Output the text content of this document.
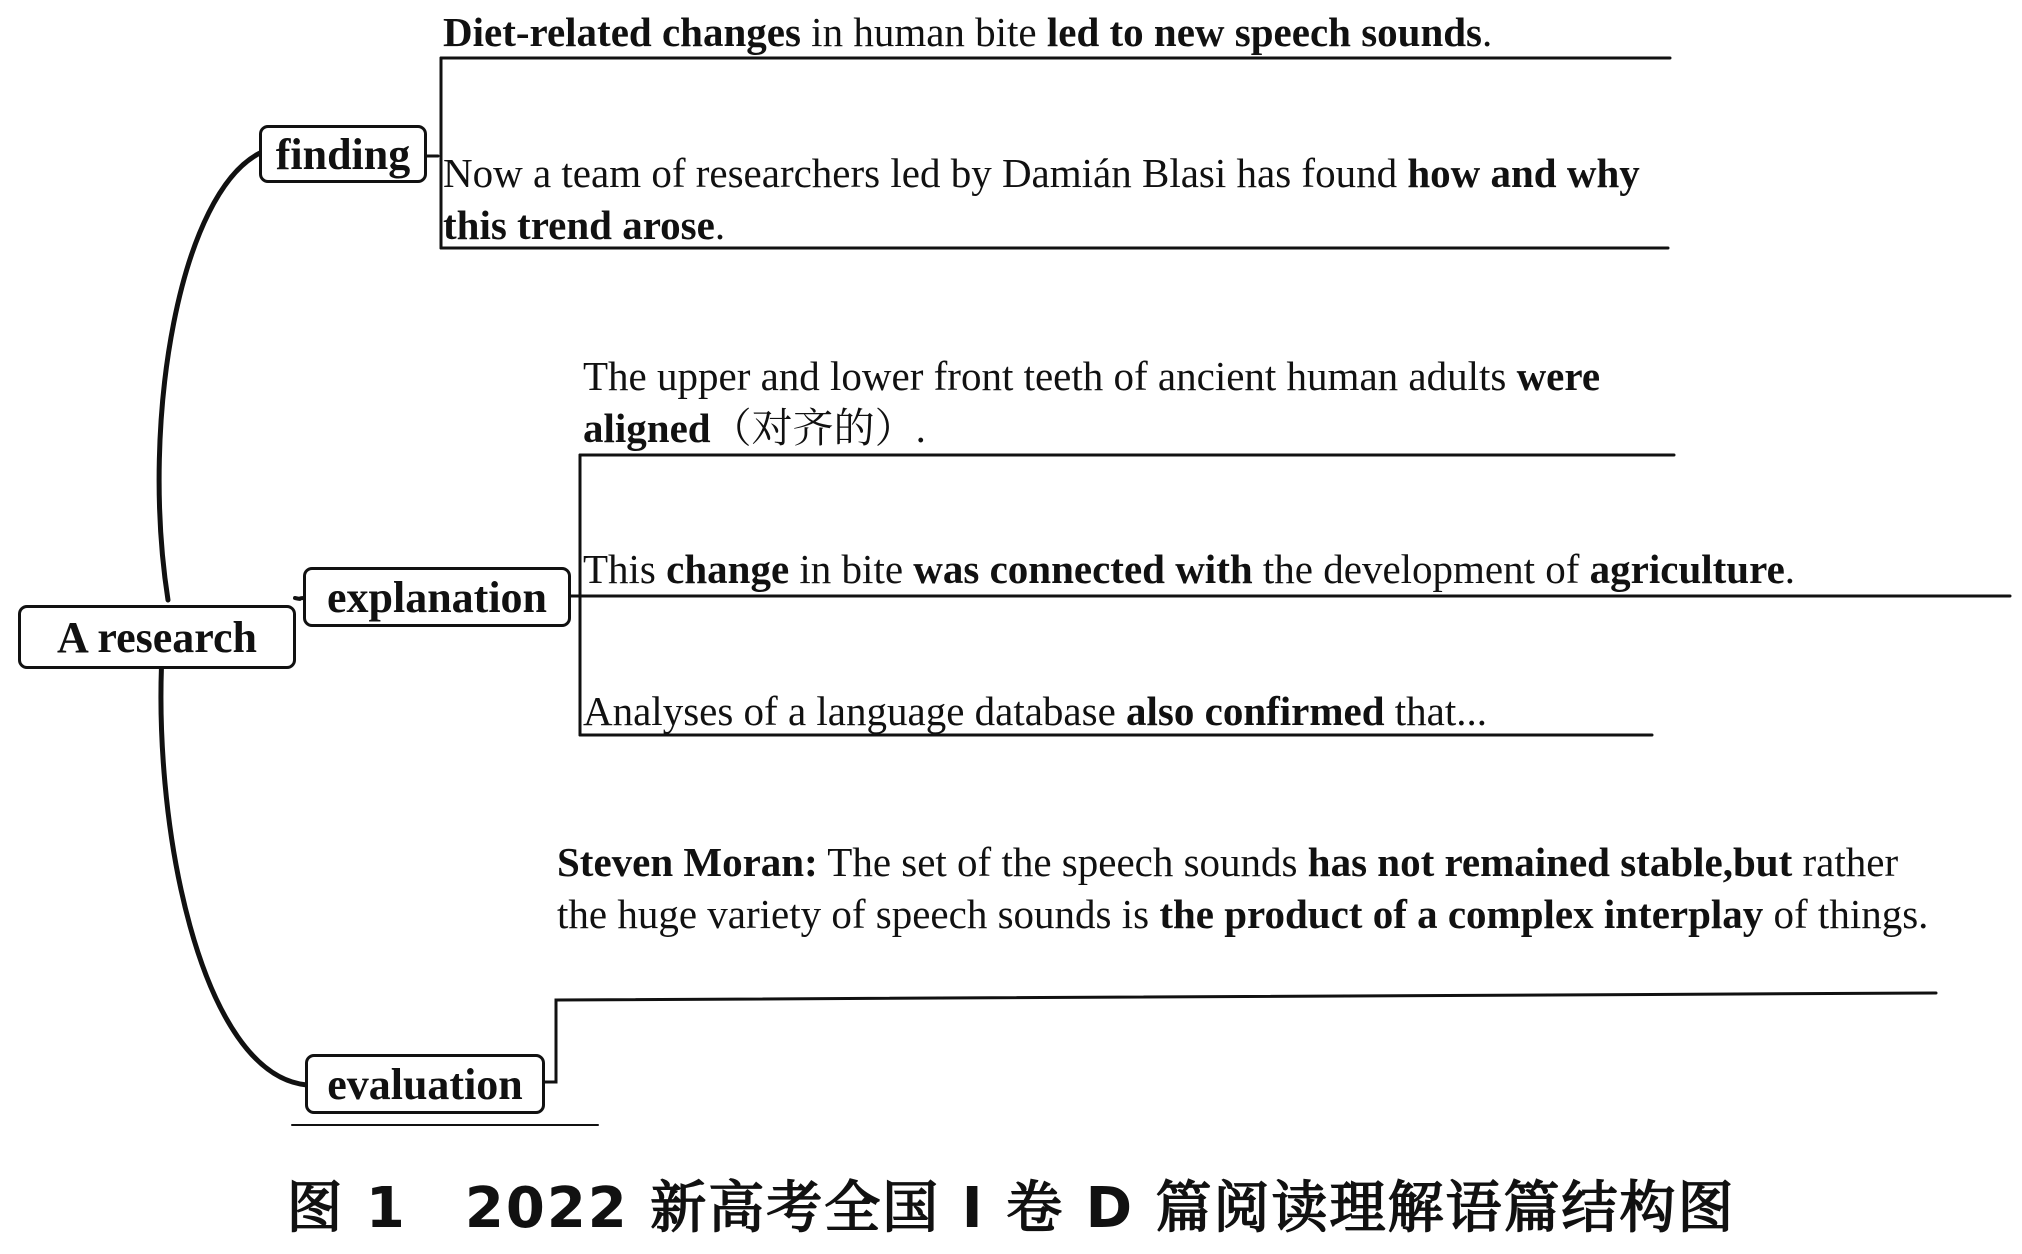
A research
finding
explanation
evaluation

Diet-related changes in human bite led to new speech sounds.

Now a team of researchers led by Damián Blasi has found how and why this trend arose.

The upper and lower front teeth of ancient human adults were aligned（对齐的）.

This change in bite was connected with the development of agriculture.

Analyses of a language database also confirmed that...

Steven Moran: The set of the speech sounds has not remained stable,but rather the huge variety of speech sounds is the product of a complex interplay of things.

图 1　2022 新高考全国 Ⅰ 卷 D 篇阅读理解语篇结构图
